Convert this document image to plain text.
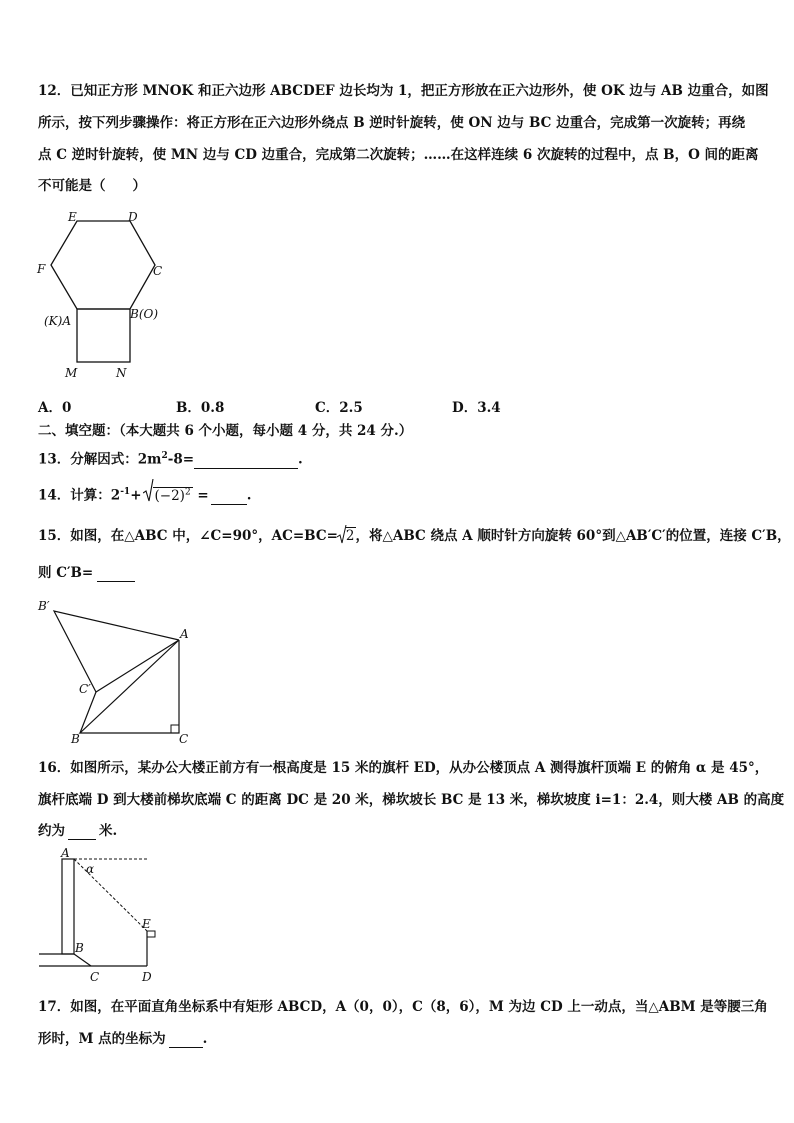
12．已知正方形 MNOK 和正六边形 ABCDEF 边长均为 1，把正方形放在正六边形外，使 OK 边与 AB 边重合，如图
所示，按下列步骤操作：将正方形在正六边形外绕点 B 逆时针旋转，使 ON 边与 BC 边重合，完成第一次旋转；再绕
点 C 逆时针旋转，使 MN 边与 CD 边重合，完成第二次旋转；……在这样连续 6 次旋转的过程中，点 B，O 间的距离
不可能是（　　）
E	D
F	C
(K)A	B(O)
M	N
A．0	B．0.8	C．2.5	D．3.4
二、填空题：（本大题共 6 个小题，每小题 4 分，共 24 分.）
13．分解因式：$2m^2-8=$	.
14．计算：$2^{-1}+ (-2)^2$ =	.
15．如图，在△ABC 中，∠C=90°，AC=BC= 2，将△ABC 绕点 A 顺时针方向旋转 60°到△AB′C′的位置，连接 C′B，
则 C′B=
B′
A
C′
B	C
16．如图所示，某办公大楼正前方有一根高度是 15 米的旗杆 ED，从办公楼顶点 A 测得旗杆顶端 E 的俯角 α 是 45°，
旗杆底端 D 到大楼前梯坎底端 C 的距离 DC 是 20 米，梯坎坡长 BC 是 13 米，梯坎坡度 i=1：2.4，则大楼 AB 的高度
约为	米.
A
α
E
B
C	D
17．如图，在平面直角坐标系中有矩形 ABCD，A（0，0），C（8，6），M 为边 CD 上一动点，当△ABM 是等腰三角
形时，M 点的坐标为	.
